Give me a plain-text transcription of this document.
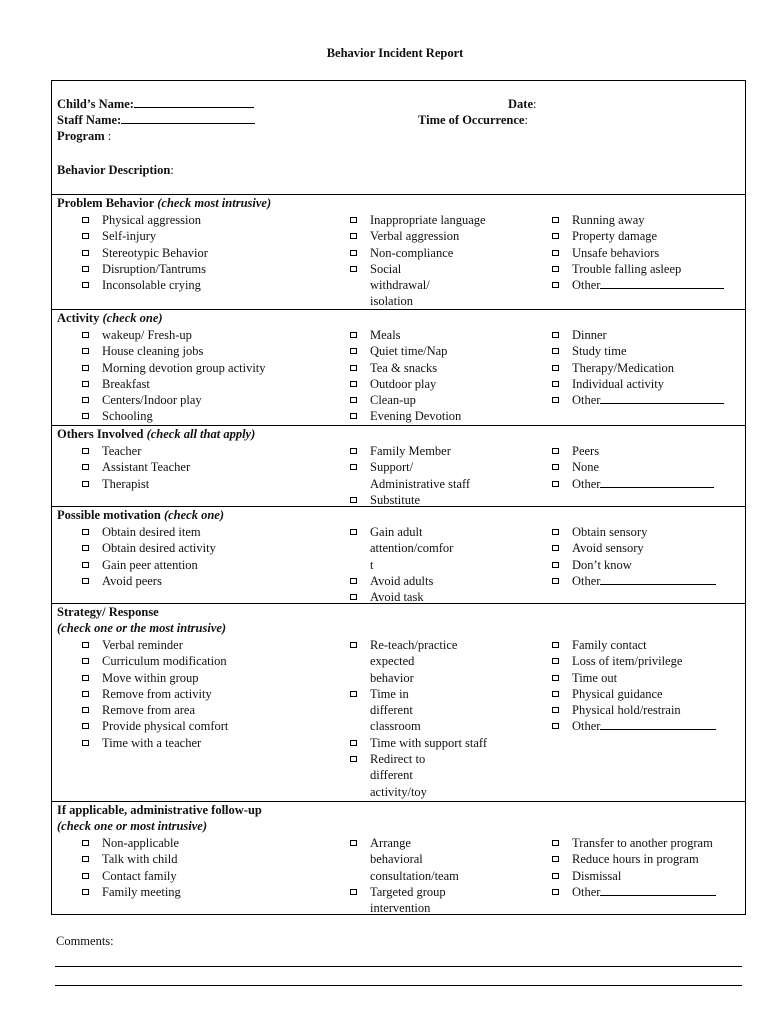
Behavior Incident Report
Child’s Name:
Staff Name:
Program :
Date:
Time of Occurrence:
Behavior Description:
Problem Behavior (check most intrusive)
Physical aggression
Self-injury
Stereotypic Behavior
Disruption/Tantrums
Inconsolable crying
Inappropriate language
Verbal aggression
Non-compliance
Social
withdrawal/
isolation
Running away
Property damage
Unsafe behaviors
Trouble falling asleep
Other
Activity (check one)
wakeup/ Fresh-up
House cleaning jobs
Morning devotion group activity
Breakfast
Centers/Indoor play
Schooling
Meals
Quiet time/Nap
Tea & snacks
Outdoor play
Clean-up
Evening Devotion
Dinner
Study time
Therapy/Medication
Individual activity
Other
Others Involved (check all that apply)
Teacher
Assistant Teacher
Therapist
Family Member
Support/
Administrative staff
Substitute
Peers
None
Other
Possible motivation (check one)
Obtain desired item
Obtain desired activity
Gain peer attention
Avoid peers
Gain adult
attention/comfor
t
Avoid adults
Avoid task
Obtain sensory
Avoid sensory
Don’t know
Other
Strategy/ Response
(check one or the most intrusive)
Verbal reminder
Curriculum modification
Move within group
Remove from activity
Remove from area
Provide physical comfort
Time with a teacher
Re-teach/practice
expected
behavior
Time in
different
classroom
Time with support staff
Redirect to
different
activity/toy
Family contact
Loss of item/privilege
Time out
Physical guidance
Physical hold/restrain
Other
If applicable, administrative follow-up
(check one or most intrusive)
Non-applicable
Talk with child
Contact family
Family meeting
Arrange
behavioral
consultation/team
Targeted group
intervention
Transfer to another program
Reduce hours in program
Dismissal
Other
Comments:
